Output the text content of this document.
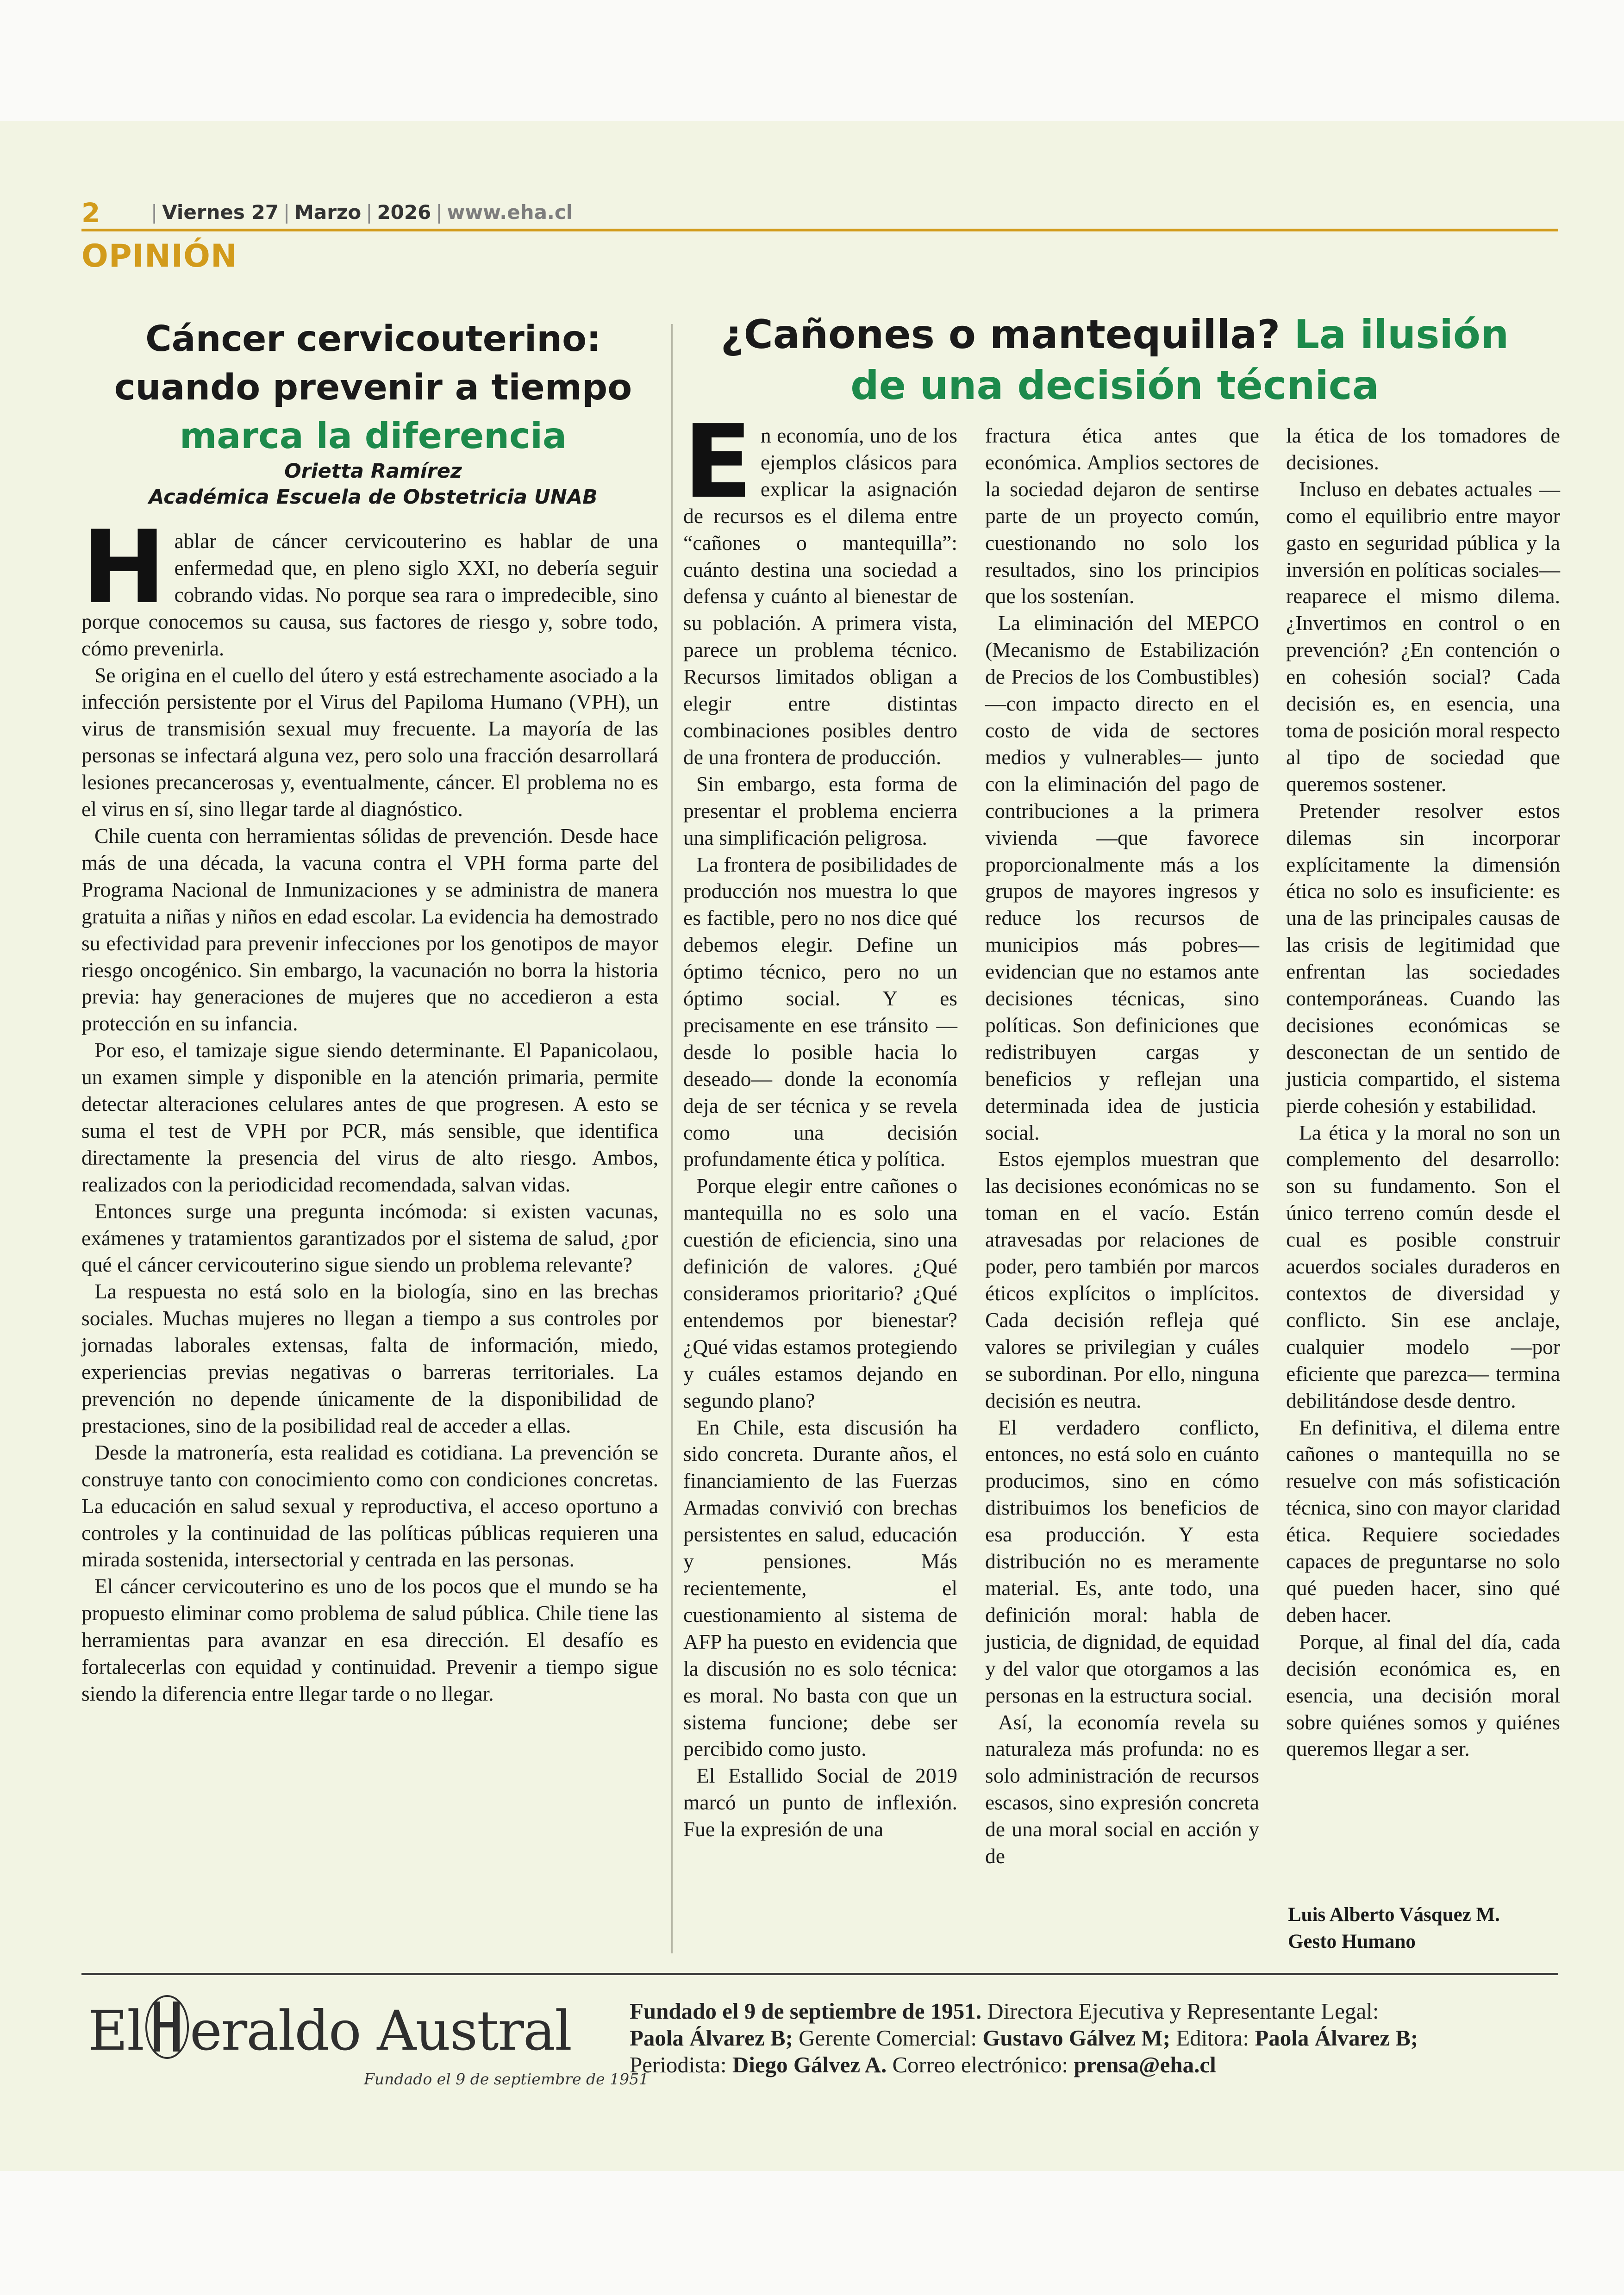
2	| Viernes 27 | Marzo | 2026 | www.eha.cl
OPINIÓN
Cáncer cervicouterino:
cuando prevenir a tiempo
marca la diferencia
Orietta Ramírez
Académica Escuela de Obstetricia UNAB

Hablar de cáncer cervicouterino es hablar de una enfermedad que, en pleno siglo XXI, no debería seguir cobrando vidas. No porque sea rara o impredecible, sino porque conocemos su causa, sus factores de riesgo y, sobre todo, cómo prevenirla.

Se origina en el cuello del útero y está estrechamente asociado a la infección persistente por el Virus del Papiloma Humano (VPH), un virus de transmisión sexual muy frecuente. La mayoría de las personas se infectará alguna vez, pero solo una fracción desarrollará lesiones precancerosas y, eventualmente, cáncer. El problema no es el virus en sí, sino llegar tarde al diagnóstico.

Chile cuenta con herramientas sólidas de prevención. Desde hace más de una década, la vacuna contra el VPH forma parte del Programa Nacional de Inmunizaciones y se administra de manera gratuita a niñas y niños en edad escolar. La evidencia ha demostrado su efectividad para prevenir infecciones por los genotipos de mayor riesgo oncogénico. Sin embargo, la vacunación no borra la historia previa: hay generaciones de mujeres que no accedieron a esta protección en su infancia.

Por eso, el tamizaje sigue siendo determinante. El Papanicolaou, un examen simple y disponible en la atención primaria, permite detectar alteraciones celulares antes de que progresen. A esto se suma el test de VPH por PCR, más sensible, que identifica directamente la presencia del virus de alto riesgo. Ambos, realizados con la periodicidad recomendada, salvan vidas.

Entonces surge una pregunta incómoda: si existen vacunas, exámenes y tratamientos garantizados por el sistema de salud, ¿por qué el cáncer cervicouterino sigue siendo un problema relevante?

La respuesta no está solo en la biología, sino en las brechas sociales. Muchas mujeres no llegan a tiempo a sus controles por jornadas laborales extensas, falta de información, miedo, experiencias previas negativas o barreras territoriales. La prevención no depende únicamente de la disponibilidad de prestaciones, sino de la posibilidad real de acceder a ellas.

Desde la matronería, esta realidad es cotidiana. La prevención se construye tanto con conocimiento como con condiciones concretas. La educación en salud sexual y reproductiva, el acceso oportuno a controles y la continuidad de las políticas públicas requieren una mirada sostenida, intersectorial y centrada en las personas.

El cáncer cervicouterino es uno de los pocos que el mundo se ha propuesto eliminar como problema de salud pública. Chile tiene las herramientas para avanzar en esa dirección. El desafío es fortalecerlas con equidad y continuidad. Prevenir a tiempo sigue siendo la diferencia entre llegar tarde o no llegar.

¿Cañones o mantequilla? La ilusión
de una decisión técnica

En economía, uno de los ejemplos clásicos para explicar la asignación de recursos es el dilema entre “cañones o mantequilla”: cuánto destina una sociedad a defensa y cuánto al bienestar de su población. A primera vista, parece un problema técnico. Recursos limitados obligan a elegir entre distintas combinaciones posibles dentro de una frontera de producción.

Sin embargo, esta forma de presentar el problema encierra una simplificación peligrosa.

La frontera de posibilidades de producción nos muestra lo que es factible, pero no nos dice qué debemos elegir. Define un óptimo técnico, pero no un óptimo social. Y es precisamente en ese tránsito —desde lo posible hacia lo deseado— donde la economía deja de ser técnica y se revela como una decisión profundamente ética y política.

Porque elegir entre cañones o mantequilla no es solo una cuestión de eficiencia, sino una definición de valores. ¿Qué consideramos prioritario? ¿Qué entendemos por bienestar? ¿Qué vidas estamos protegiendo y cuáles estamos dejando en segundo plano?

En Chile, esta discusión ha sido concreta. Durante años, el financiamiento de las Fuerzas Armadas convivió con brechas persistentes en salud, educación y pensiones. Más recientemente, el cuestionamiento al sistema de AFP ha puesto en evidencia que la discusión no es solo técnica: es moral. No basta con que un sistema funcione; debe ser percibido como justo.

El Estallido Social de 2019 marcó un punto de inflexión. Fue la expresión de una

fractura ética antes que económica. Amplios sectores de la sociedad dejaron de sentirse parte de un proyecto común, cuestionando no solo los resultados, sino los principios que los sostenían.

La eliminación del MEPCO (Mecanismo de Estabilización de Precios de los Combustibles) —con impacto directo en el costo de vida de sectores medios y vulnerables— junto con la eliminación del pago de contribuciones a la primera vivienda —que favorece proporcionalmente más a los grupos de mayores ingresos y reduce los recursos de municipios más pobres— evidencian que no estamos ante decisiones técnicas, sino políticas. Son definiciones que redistribuyen cargas y beneficios y reflejan una determinada idea de justicia social.

Estos ejemplos muestran que las decisiones económicas no se toman en el vacío. Están atravesadas por relaciones de poder, pero también por marcos éticos explícitos o implícitos. Cada decisión refleja qué valores se privilegian y cuáles se subordinan. Por ello, ninguna decisión es neutra.

El verdadero conflicto, entonces, no está solo en cuánto producimos, sino en cómo distribuimos los beneficios de esa producción. Y esta distribución no es meramente material. Es, ante todo, una definición moral: habla de justicia, de dignidad, de equidad y del valor que otorgamos a las personas en la estructura social.

Así, la economía revela su naturaleza más profunda: no es solo administración de recursos escasos, sino expresión concreta de una moral social en acción y de

la ética de los tomadores de decisiones.

Incluso en debates actuales —como el equilibrio entre mayor gasto en seguridad pública y la inversión en políticas sociales— reaparece el mismo dilema. ¿Invertimos en control o en prevención? ¿En contención o en cohesión social? Cada decisión es, en esencia, una toma de posición moral respecto al tipo de sociedad que queremos sostener.

Pretender resolver estos dilemas sin incorporar explícitamente la dimensión ética no solo es insuficiente: es una de las principales causas de las crisis de legitimidad que enfrentan las sociedades contemporáneas. Cuando las decisiones económicas se desconectan de un sentido de justicia compartido, el sistema pierde cohesión y estabilidad.

La ética y la moral no son un complemento del desarrollo: son su fundamento. Son el único terreno común desde el cual es posible construir acuerdos sociales duraderos en contextos de diversidad y conflicto. Sin ese anclaje, cualquier modelo —por eficiente que parezca— termina debilitándose desde dentro.

En definitiva, el dilema entre cañones o mantequilla no se resuelve con más sofisticación técnica, sino con mayor claridad ética. Requiere sociedades capaces de preguntarse no solo qué pueden hacer, sino qué deben hacer.

Porque, al final del día, cada decisión económica es, en esencia, una decisión moral sobre quiénes somos y quiénes queremos llegar a ser.

Luis Alberto Vásquez M.
Gesto Humano
El eraldo Austral
Fundado el 9 de septiembre de 1951
Fundado el 9 de septiembre de 1951. Directora Ejecutiva y Representante Legal:
Paola Álvarez B; Gerente Comercial: Gustavo Gálvez M; Editora: Paola Álvarez B;
Periodista: Diego Gálvez A. Correo electrónico: prensa@eha.cl
